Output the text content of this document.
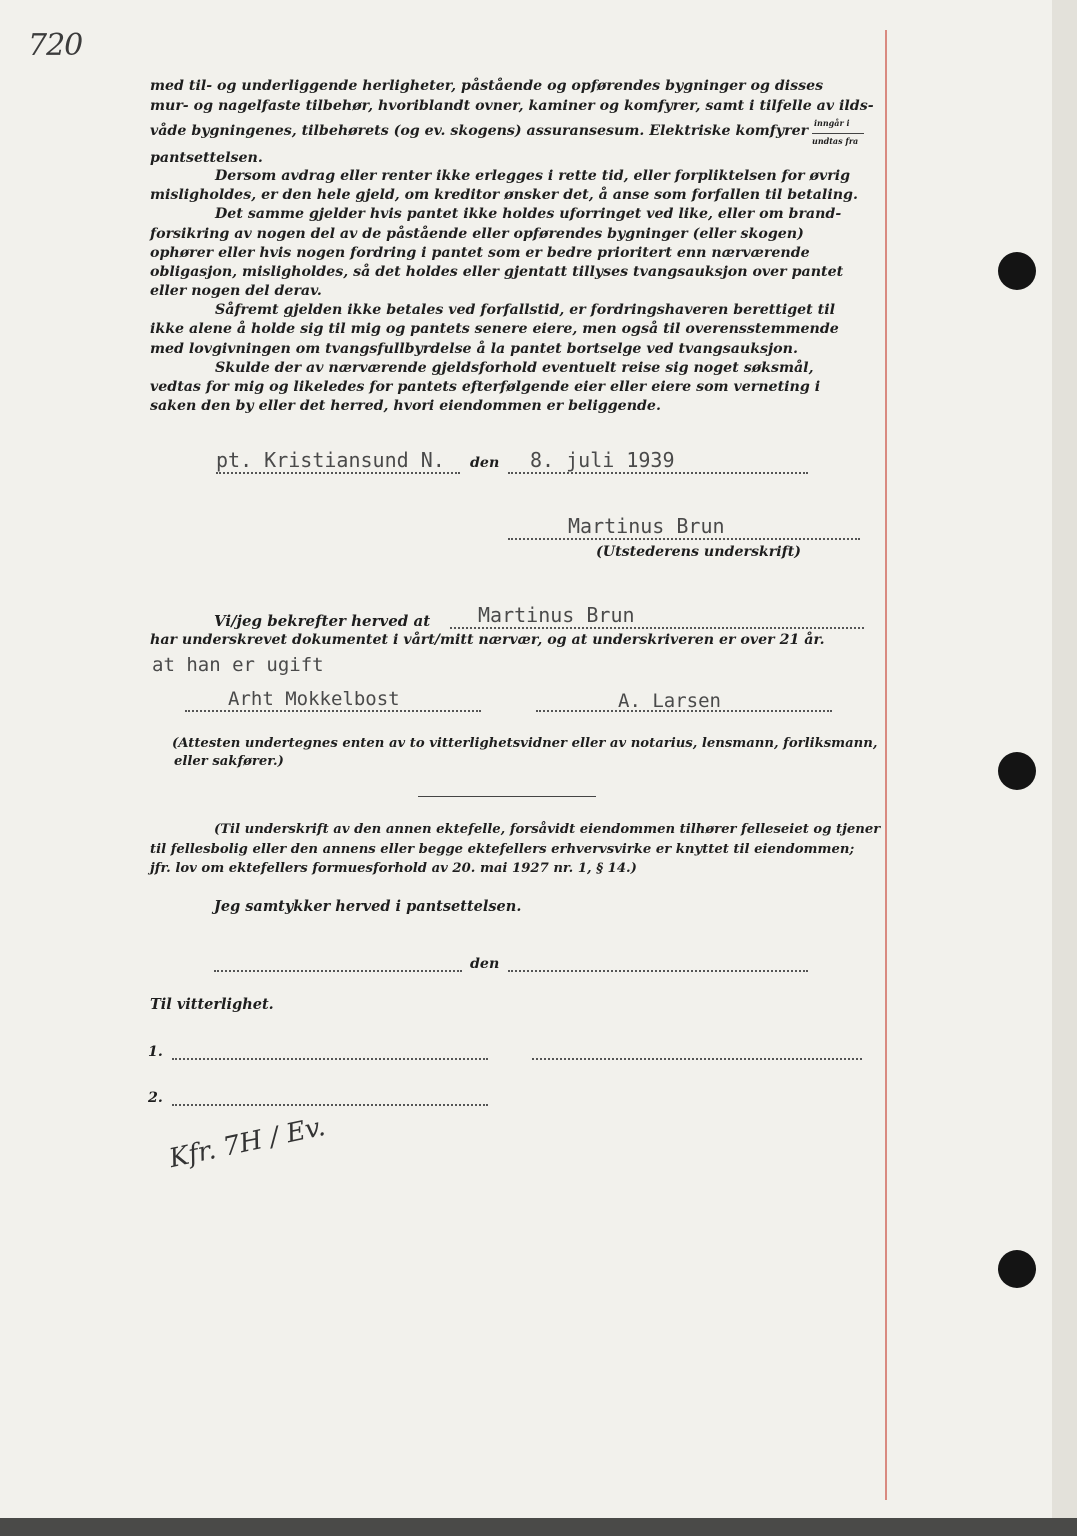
720
med til- og underliggende herligheter, påstående og opførendes bygninger og disses
mur- og nagelfaste tilbehør, hvoriblandt ovner, kaminer og komfyrer, samt i tilfelle av ilds-
våde bygningenes, tilbehørets (og ev. skogens) assuransesum. Elektriske komfyrer inngår i
undtas fra
pantsettelsen.
Dersom avdrag eller renter ikke erlegges i rette tid, eller forpliktelsen for øvrig
misligholdes, er den hele gjeld, om kreditor ønsker det, å anse som forfallen til betaling.
Det samme gjelder hvis pantet ikke holdes uforringet ved like, eller om brand-
forsikring av nogen del av de påstående eller opførendes bygninger (eller skogen)
ophører eller hvis nogen fordring i pantet som er bedre prioritert enn nærværende
obligasjon, misligholdes, så det holdes eller gjentatt tillyses tvangsauksjon over pantet
eller nogen del derav.
Såfremt gjelden ikke betales ved forfallstid, er fordringshaveren berettiget til
ikke alene å holde sig til mig og pantets senere eiere, men også til overensstemmende
med lovgivningen om tvangsfullbyrdelse å la pantet bortselge ved tvangsauksjon.
Skulde der av nærværende gjeldsforhold eventuelt reise sig noget søksmål,
vedtas for mig og likeledes for pantets efterfølgende eier eller eiere som verneting i
saken den by eller det herred, hvori eiendommen er beliggende.
pt. Kristiansund N. den 8. juli 1939
Martinus Brun
(Utstederens underskrift)
Vi/jeg bekrefter herved at Martinus Brun
har underskrevet dokumentet i vårt/mitt nærvær, og at underskriveren er over 21 år.
at han er ugift
Arht Mokkelbost	A. Larsen
(Attesten undertegnes enten av to vitterlighetsvidner eller av notarius, lensmann, forliksmann,
eller sakfører.)
(Til underskrift av den annen ektefelle, forsåvidt eiendommen tilhører felleseiet og tjener
til fellesbolig eller den annens eller begge ektefellers erhvervsvirke er knyttet til eiendommen;
jfr. lov om ektefellers formuesforhold av 20. mai 1927 nr. 1, § 14.)
Jeg samtykker herved i pantsettelsen.
den
Til vitterlighet.
1.
2.
Kfr. 7H / Ev.
